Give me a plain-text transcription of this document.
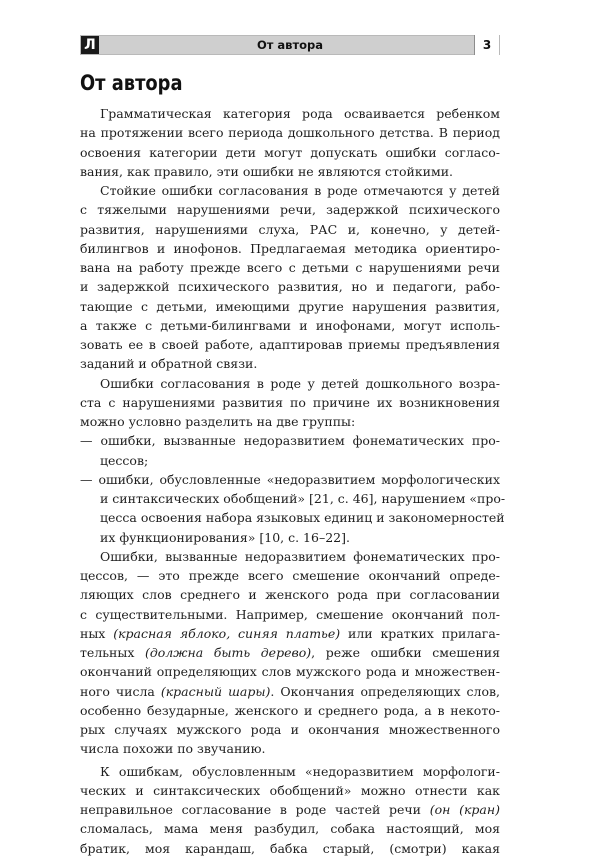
Л	От автора	3
От автора
Грамматическая категория рода осваивается ребенком
на протяжении всего периода дошкольного детства. В период
освоения категории дети могут допускать ошибки согласо-
вания, как правило, эти ошибки не являются стойкими.
Стойкие ошибки согласования в роде отмечаются у детей
с тяжелыми нарушениями речи, задержкой психического
развития, нарушениями слуха, РАС и, конечно, у детей-
билингвов и инофонов. Предлагаемая методика ориентиро-
вана на работу прежде всего с детьми с нарушениями речи
и задержкой психического развития, но и педагоги, рабо-
тающие с детьми, имеющими другие нарушения развития,
а также с детьми-билингвами и инофонами, могут исполь-
зовать ее в своей работе, адаптировав приемы предъявления
заданий и обратной связи.
Ошибки согласования в роде у детей дошкольного возра-
ста с нарушениями развития по причине их возникновения
можно условно разделить на две группы:
— ошибки, вызванные недоразвитием фонематических про-
цессов;
— ошибки, обусловленные «недоразвитием морфологических
и синтаксических обобщений» [21, с. 46], нарушением «про-
цесса освоения набора языковых единиц и закономерностей
их функционирования» [10, с. 16–22].
Ошибки, вызванные недоразвитием фонематических про-
цессов, — это прежде всего смешение окончаний опреде-
ляющих слов среднего и женского рода при согласовании
с существительными. Например, смешение окончаний пол-
ных (красная яблоко, синяя платье) или кратких прилага-
тельных (должна быть дерево), реже ошибки смешения
окончаний определяющих слов мужского рода и множествен-
ного числа (красный шары). Окончания определяющих слов,
особенно безударные, женского и среднего рода, а в некото-
рых случаях мужского рода и окончания множественного
числа похожи по звучанию.
К ошибкам, обусловленным «недоразвитием морфологи-
ческих и синтаксических обобщений» можно отнести как
неправильное согласование в роде частей речи (он (кран)
сломалась, мама меня разбудил, собака настоящий, моя
братик, моя карандаш, бабка старый, (смотри) какая
